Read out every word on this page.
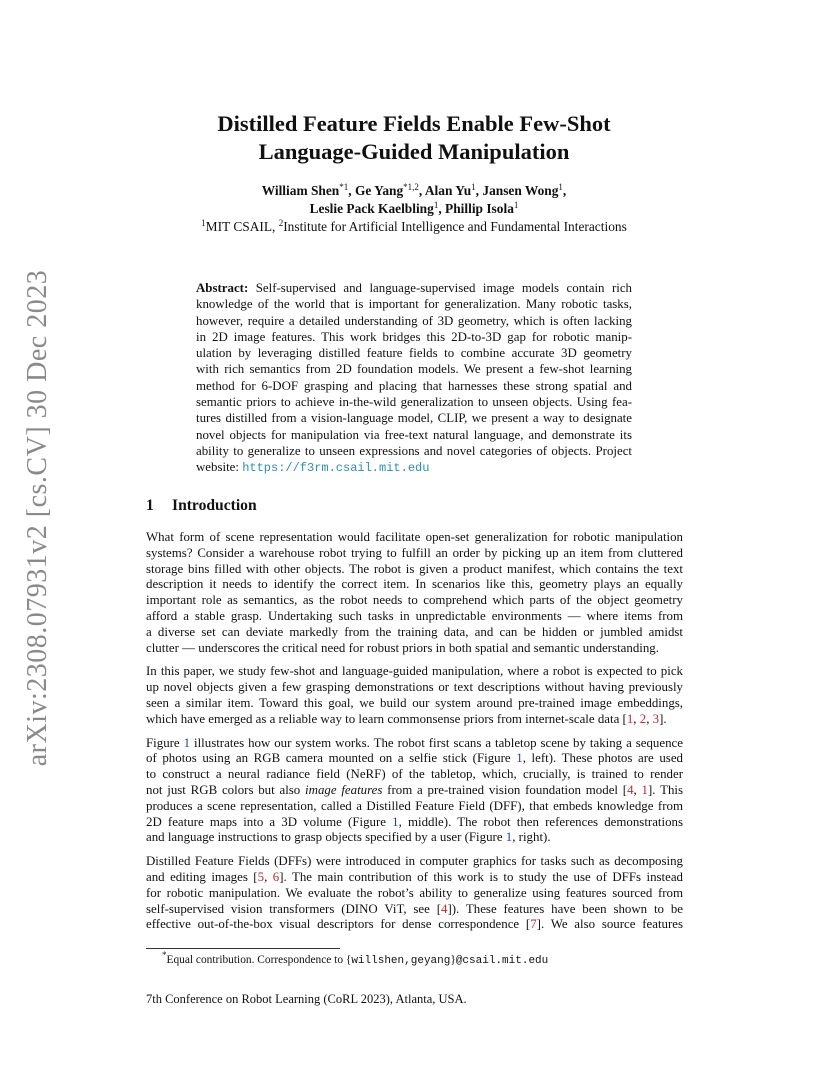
arXiv:2308.07931v2 [cs.CV] 30 Dec 2023
Distilled Feature Fields Enable Few-Shot
Language-Guided Manipulation
William Shen$^{*1}$, Ge Yang$^{*1,2}$, Alan Yu$^1$, Jansen Wong$^1$,
Leslie Pack Kaelbling$^1$, Phillip Isola$^1$
$^1$MIT CSAIL, $^2$Institute for Artificial Intelligence and Fundamental Interactions
Abstract: Self-supervised and language-supervised image models contain rich
knowledge of the world that is important for generalization. Many robotic tasks,
however, require a detailed understanding of 3D geometry, which is often lacking
in 2D image features. This work bridges this 2D-to-3D gap for robotic manip-
ulation by leveraging distilled feature fields to combine accurate 3D geometry
with rich semantics from 2D foundation models. We present a few-shot learning
method for 6-DOF grasping and placing that harnesses these strong spatial and
semantic priors to achieve in-the-wild generalization to unseen objects. Using fea-
tures distilled from a vision-language model, CLIP, we present a way to designate
novel objects for manipulation via free-text natural language, and demonstrate its
ability to generalize to unseen expressions and novel categories of objects. Project
website: https://f3rm.csail.mit.edu
1 Introduction
What form of scene representation would facilitate open-set generalization for robotic manipulation
systems? Consider a warehouse robot trying to fulfill an order by picking up an item from cluttered
storage bins filled with other objects. The robot is given a product manifest, which contains the text
description it needs to identify the correct item. In scenarios like this, geometry plays an equally
important role as semantics, as the robot needs to comprehend which parts of the object geometry
afford a stable grasp. Undertaking such tasks in unpredictable environments — where items from
a diverse set can deviate markedly from the training data, and can be hidden or jumbled amidst
clutter — underscores the critical need for robust priors in both spatial and semantic understanding.
In this paper, we study few-shot and language-guided manipulation, where a robot is expected to pick
up novel objects given a few grasping demonstrations or text descriptions without having previously
seen a similar item. Toward this goal, we build our system around pre-trained image embeddings,
which have emerged as a reliable way to learn commonsense priors from internet-scale data [1, 2, 3].
Figure 1 illustrates how our system works. The robot first scans a tabletop scene by taking a sequence
of photos using an RGB camera mounted on a selfie stick (Figure 1, left). These photos are used
to construct a neural radiance field (NeRF) of the tabletop, which, crucially, is trained to render
not just RGB colors but also image features from a pre-trained vision foundation model [4, 1]. This
produces a scene representation, called a Distilled Feature Field (DFF), that embeds knowledge from
2D feature maps into a 3D volume (Figure 1, middle). The robot then references demonstrations
and language instructions to grasp objects specified by a user (Figure 1, right).
Distilled Feature Fields (DFFs) were introduced in computer graphics for tasks such as decomposing
and editing images [5, 6]. The main contribution of this work is to study the use of DFFs instead
for robotic manipulation. We evaluate the robot’s ability to generalize using features sourced from
self-supervised vision transformers (DINO ViT, see [4]). These features have been shown to be
effective out-of-the-box visual descriptors for dense correspondence [7]. We also source features
*Equal contribution. Correspondence to {willshen,geyang}@csail.mit.edu
7th Conference on Robot Learning (CoRL 2023), Atlanta, USA.
